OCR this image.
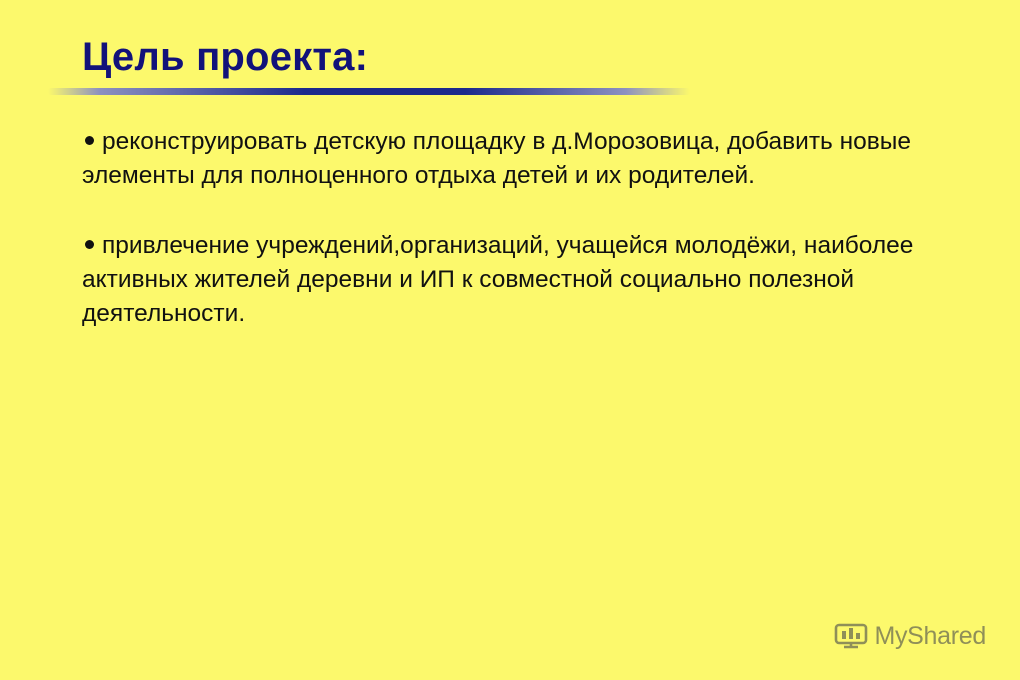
Цель проекта:
реконструировать детскую площадку в д.Морозовица, добавить новые элементы для полноценного отдыха детей и их родителей.
привлечение учреждений,организаций, учащейся молодёжи, наиболее активных жителей деревни и ИП к совместной социально полезной деятельности.
MyShared
